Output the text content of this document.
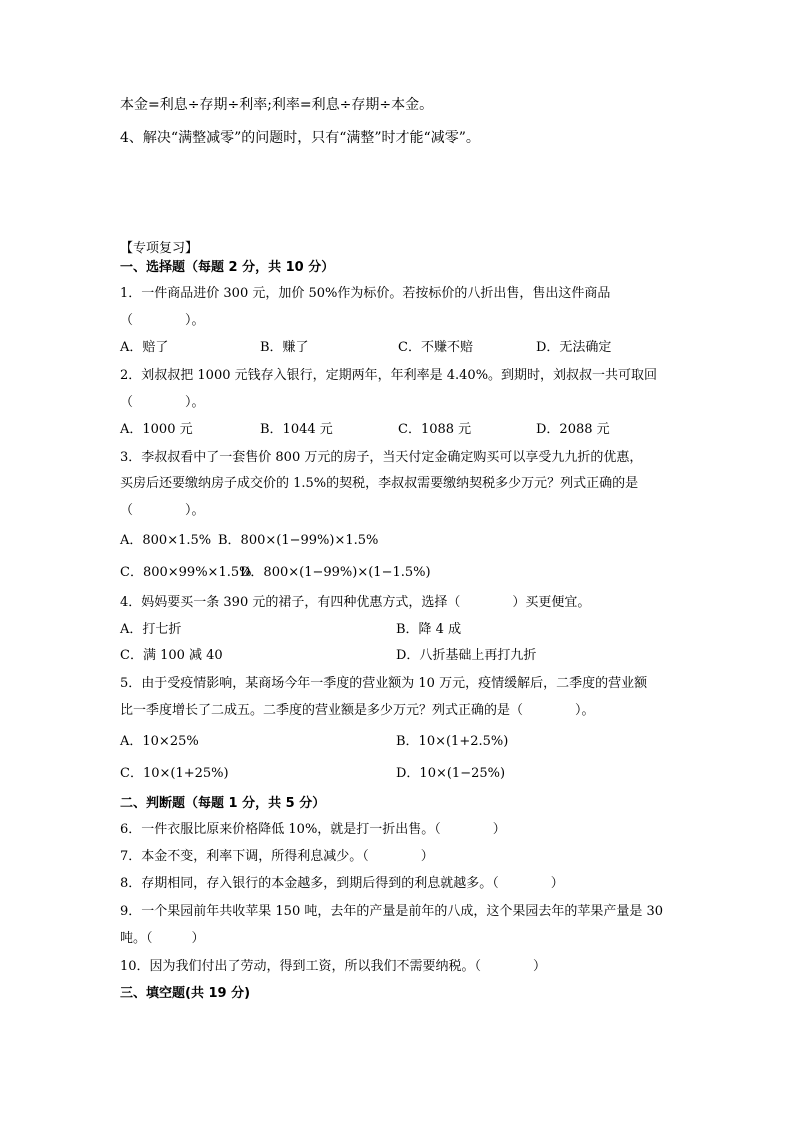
本金=利息÷存期÷利率;利率=利息÷存期÷本金。
4、解决“满整减零”的问题时，只有“满整”时才能“减零”。
【专项复习】
一、选择题（每题 2 分，共 10 分）
1．一件商品进价 300 元，加价 50%作为标价。若按标价的八折出售，售出这件商品
（　　　　）。
A．赔了	B．赚了	C．不赚不赔	D．无法确定
2．刘叔叔把 1000 元钱存入银行，定期两年，年利率是 4.40%。到期时，刘叔叔一共可取回
（　　　　）。
A．1000 元	B．1044 元	C．1088 元	D．2088 元
3．李叔叔看中了一套售价 800 万元的房子，当天付定金确定购买可以享受九九折的优惠，
买房后还要缴纳房子成交价的 1.5%的契税，李叔叔需要缴纳契税多少万元？列式正确的是
（　　　　）。
A．800×1.5% B．800×(1−99%)×1.5%
C．800×99%×1.5%
D．800×(1−99%)×(1−1.5%)
4．妈妈要买一条 390 元的裙子，有四种优惠方式，选择（　　　　）买更便宜。
A．打七折	B．降 4 成
C．满 100 减 40	D．八折基础上再打九折
5．由于受疫情影响，某商场今年一季度的营业额为 10 万元，疫情缓解后，二季度的营业额
比一季度增长了二成五。二季度的营业额是多少万元？列式正确的是（　　　　）。
A．10×25%	B．10×(1+2.5%)
C．10×(1+25%)	D．10×(1−25%)
二、判断题（每题 1 分，共 5 分）
6．一件衣服比原来价格降低 10%，就是打一折出售。（　　　　）
7．本金不变，利率下调，所得利息减少。（　　　　）
8．存期相同，存入银行的本金越多，到期后得到的利息就越多。（　　　　）
9．一个果园前年共收苹果 150 吨，去年的产量是前年的八成，这个果园去年的苹果产量是 30
吨。（　　　）
10．因为我们付出了劳动，得到工资，所以我们不需要纳税。（　　　　）
三、填空题(共 19 分)
